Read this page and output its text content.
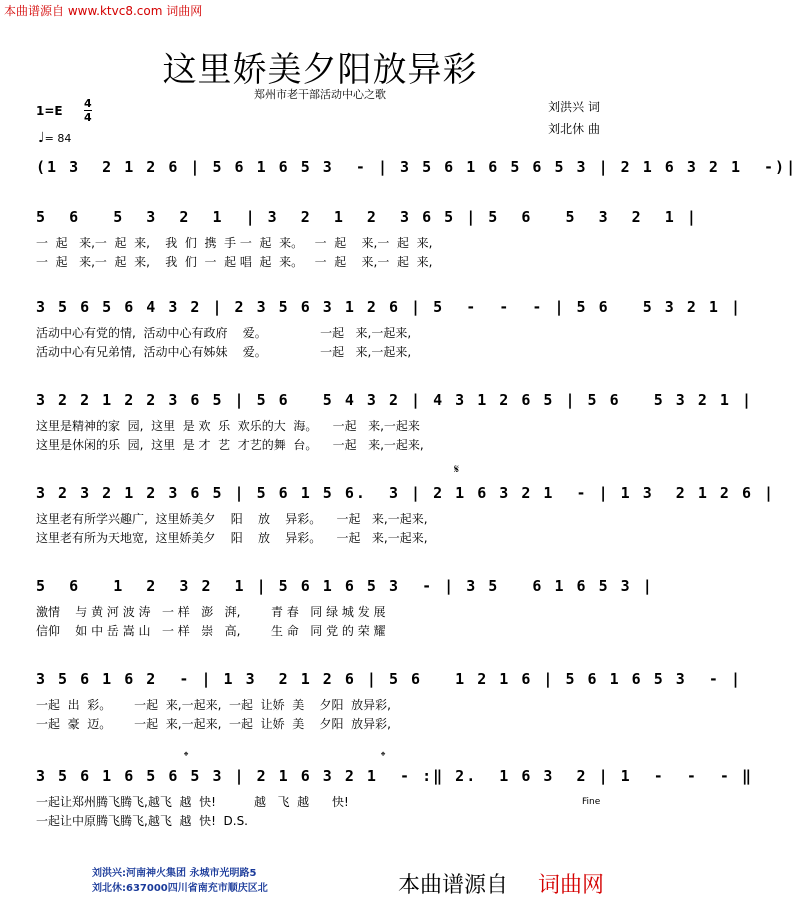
本曲谱源自 www.ktvc8.com 词曲网
这里娇美夕阳放异彩
郑州市老干部活动中心之歌
刘洪兴 词
刘北休 曲
1=E
4
4
♩= 84
(1 3  2 1 2 6 | 5 6 1 6 5 3  - | 3 5 6 1 6 5 6 5 3 | 2 1 6 3 2 1  -)|
5  6   5  3  2  1  | 3  2  1  2  3 6 5 | 5  6   5  3  2  1 |
一  起   来,一  起  来,    我  们  携  手 一  起  来。   一  起    来,一  起  来,
一  起   来,一  起  来,    我  们  一  起 唱  起  来。   一  起    来,一  起  来,
3 5 6 5 6 4 3 2 | 2 3 5 6 3 1 2 6 | 5  -  -  - | 5 6   5 3 2 1 |
活动中心有党的情,  活动中心有政府    爱。              一起   来,一起来,
活动中心有兄弟情,  活动中心有姊妹    爱。              一起   来,一起来,
3 2 2 1 2 2 3 6 5 | 5 6   5 4 3 2 | 4 3 1 2 6 5 | 5 6   5 3 2 1 |
这里是精神的家  园,  这里  是 欢  乐  欢乐的大  海。    一起   来,一起来
这里是休闲的乐  园,  这里  是 才  艺  才艺的舞  台。    一起   来,一起来,
𝄋
3 2 3 2 1 2 3 6 5 | 5 6 1 5 6.  3 | 2 1 6 3 2 1  - | 1 3  2 1 2 6 |
这里老有所学兴趣广,  这里娇美夕    阳    放    异彩。    一起   来,一起来,
这里老有所为天地宽,  这里娇美夕    阳    放    异彩。    一起   来,一起来,
5  6   1  2  3 2  1 | 5 6 1 6 5 3  - | 3 5   6 1 6 5 3 |
激情    与 黄 河 波 涛   一 样   澎   湃,        青 春   同 绿 城 发 展
信仰    如 中 岳 嵩 山   一 样   崇   高,        生 命   同 党 的 荣 耀
3 5 6 1 6 2  - | 1 3  2 1 2 6 | 5 6   1 2 1 6 | 5 6 1 6 5 3  - |
一起  出  彩。      一起  来,一起来,  一起  让娇  美    夕阳  放异彩,
一起  豪  迈。      一起  来,一起来,  一起  让娇  美    夕阳  放异彩,
𝄌	𝄌
3 5 6 1 6 5 6 5 3 | 2 1 6 3 2 1  - :‖ 2.  1 6 3  2 | 1  -  -  - ‖
一起让郑州腾飞腾飞,越飞  越  快!          越   飞  越      快!
一起让中原腾飞腾飞,越飞  越  快!  D.S.
Fine
刘洪兴:河南神火集团 永城市光明路5
刘北休:637000四川省南充市顺庆区北	本曲谱源自 词曲网
